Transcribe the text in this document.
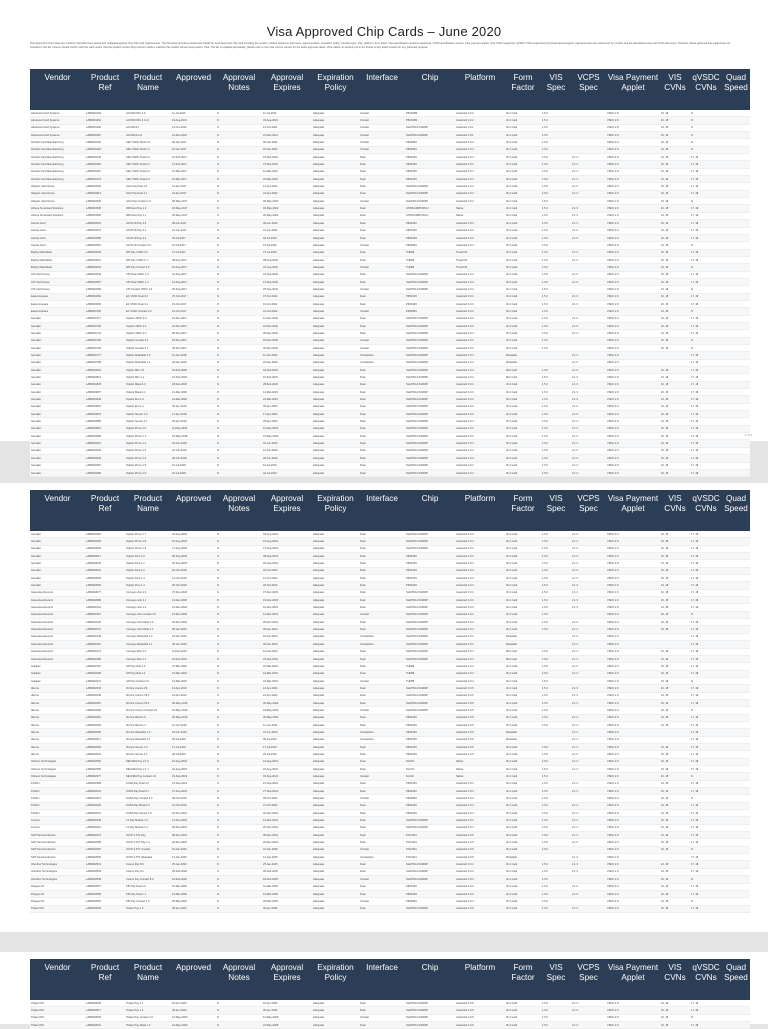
Visa Approved Chip Cards – June 2020
Visa Approved Chip Cards are products that have been tested and evaluated against Visa chip card requirements. The list below provides product-level detail for each approved chip card including the vendor, product reference and name, approval dates, expiration policy, interface type, chip, platform, form factor, Visa specification versions supported, VCPS specification version, Visa payment applet, Visa CVNs supported, qVSDC CVNs supported and Quad speed support. Approval notes are referenced by number and are described at the end of this document. Products whose approval has expired are not included in this list. Issuers should confirm with the card vendor that the product version they intend to deploy matches the product version approved by Visa. This list is updated periodically; please refer to the most current version for the latest approval status. Visa makes no warranty as to the fitness of any listed product for any particular purpose.
Vendor	Product Ref	Product Name	Approved	Approval Notes	Approval Expires	Expiration Policy	Interface	Chip	Platform	Form Factor	VIS Spec	VCPS Spec	Visa Payment Applet	VIS CVNs	qVSDC CVNs	Quad Speed
Advanced Card Systems	LAB0001203	ACOS6 DSC 2.0	11-Jul-2016	N	11-Jul-2021	Adequate	Contact	P5CD080	JavaCard 2.2.2	ID-1 Card	1.5.0		VSDC 2.8	10, 18	N	
Advanced Card Systems	LAB0001261	ACOS6 DSC 2.0 v2	03-Aug-2016	N	03-Aug-2021	Adequate	Contact	P5CD080	JavaCard 2.2.2	ID-1 Card	1.5.0		VSDC 2.8	10, 18	N	
Advanced Card Systems	LAB0001300	ACOS6-64	14-Oct-2016	N	14-Oct-2021	Adequate	Contact	SLE78CLFX4000P	JavaCard 3.0.1	ID-1 Card	1.5.0		VSDC 2.8	10, 18	N	
Advanced Card Systems	LAB0001387	ACOS6-64 v2	21-Dec-2016	N	21-Dec-2021	Adequate	Contact	SLE78CLFX4000P	JavaCard 3.0.1	ID-1 Card	1.5.0		VSDC 2.8	10, 18	N	
Aeroflot Card Manufacturing	LAB0001402	AEO VSDC Multi 2.0	06-Jan-2017	N	06-Jan-2022	Adequate	Contact	P60D081	JavaCard 3.0.4	ID-1 Card	1.5.0		VSDC 2.9	10, 18	N	
Aeroflot Card Manufacturing	LAB0001418	AEO VSDC Multi 2.1	18-Jan-2017	N	18-Jan-2022	Adequate	Contact	P60D081	JavaCard 3.0.4	ID-1 Card	1.5.0		VSDC 2.9	10, 18	N	
Aeroflot Card Manufacturing	LAB0001440	AEO VSDC Dual 2.0	15-Feb-2017	N	15-Feb-2022	Adequate	Dual	P60D145	JavaCard 3.0.4	ID-1 Card	1.5.0	2.1.3	VSDC 2.9	10, 18	17, 18	
Aeroflot Card Manufacturing	LAB0001452	AEO VSDC Dual 2.1	27-Feb-2017	N	27-Feb-2022	Adequate	Dual	P60D145	JavaCard 3.0.4	ID-1 Card	1.5.0	2.1.3	VSDC 2.9	10, 18	17, 18	
Aeroflot Card Manufacturing	LAB0001467	AEO VSDC Dual 2.2	10-Mar-2017	N	10-Mar-2022	Adequate	Dual	P60D145	JavaCard 3.0.4	ID-1 Card	1.5.0	2.1.3	VSDC 2.9	10, 18	17, 18	
Aeroflot Card Manufacturing	LAB0001479	AEO VSDC Dual 2.3	22-Mar-2017	N	22-Mar-2022	Adequate	Dual	P60D145	JavaCard 3.0.4	ID-1 Card	1.5.0	2.1.3	VSDC 2.9	10, 18	17, 18	
Allegion Card Group	LAB0001502	AGC Pay Dual 1.0	12-Apr-2017	N	12-Apr-2022	Adequate	Dual	SLE78CLFX4000P	JavaCard 3.0.4	ID-1 Card	1.5.0	2.1.3	VSDC 2.9	10, 18	17, 18	
Allegion Card Group	LAB0001514	AGC Pay Dual 1.1	24-Apr-2017	N	24-Apr-2022	Adequate	Dual	SLE78CLFX4000P	JavaCard 3.0.4	ID-1 Card	1.5.0	2.1.3	VSDC 2.9	10, 18	17, 18	
Allegion Card Group	LAB0001526	AGC Pay Contact 1.0	06-May-2017	N	06-May-2022	Adequate	Contact	SLE78CLFX4000P	JavaCard 3.0.4	ID-1 Card	1.5.0		VSDC 2.9	10, 18	N	
Athena Smartcard Solutions	LAB0001538	IDProtect Pay 1.0	18-May-2017	N	18-May-2022	Adequate	Dual	AT90SC28872RCU	Native	ID-1 Card	1.5.0	2.1.3	VSDC 2.9	10, 18	17, 18	
Athena Smartcard Solutions	LAB0001550	IDProtect Pay 1.1	30-May-2017	N	30-May-2022	Adequate	Dual	AT90SC28872RCU	Native	ID-1 Card	1.5.0	2.1.3	VSDC 2.9	10, 18	17, 18	
Austria Card	LAB0001561	ACOS ID Pay 3.0	09-Jun-2017	N	09-Jun-2022	Adequate	Dual	P60D145	JavaCard 3.0.4	ID-1 Card	1.5.0	2.1.3	VSDC 2.9	10, 18	17, 18	
Austria Card	LAB0001573	ACOS ID Pay 3.1	21-Jun-2017	N	21-Jun-2022	Adequate	Dual	P60D145	JavaCard 3.0.4	ID-1 Card	1.5.0	2.1.3	VSDC 2.9	10, 18	17, 18	
Austria Card	LAB0001585	ACOS ID Pay 3.2	03-Jul-2017	N	03-Jul-2022	Adequate	Dual	P60D145	JavaCard 3.0.4	ID-1 Card	1.5.0	2.1.3	VSDC 2.9	10, 18	17, 18	
Austria Card	LAB0001597	ACOS ID Contact 3.0	15-Jul-2017	N	15-Jul-2022	Adequate	Contact	P60D081	JavaCard 3.0.4	ID-1 Card	1.5.0		VSDC 2.9	10, 18	N	
Beijing Watchdata	LAB0001609	WD Pay VSDC 2.0	27-Jul-2017	N	27-Jul-2022	Adequate	Dual	THD89	TimeCOS	ID-1 Card	1.5.0	2.1.3	VSDC 2.9	10, 18	17, 18	
Beijing Watchdata	LAB0001621	WD Pay VSDC 2.1	08-Aug-2017	N	08-Aug-2022	Adequate	Dual	THD89	TimeCOS	ID-1 Card	1.5.0	2.1.3	VSDC 2.9	10, 18	17, 18	
Beijing Watchdata	LAB0001633	WD Pay Contact 2.0	20-Aug-2017	N	20-Aug-2022	Adequate	Contact	THD89	TimeCOS	ID-1 Card	1.5.0		VSDC 2.9	10, 18	N	
CPI Card Group	LAB0001645	CPI Dual VSDC 1.0	01-Sep-2017	N	01-Sep-2022	Adequate	Dual	SLE78CLFX4000P	JavaCard 3.0.4	ID-1 Card	1.5.0	2.1.3	VSDC 2.9	10, 18	17, 18	
CPI Card Group	LAB0001657	CPI Dual VSDC 1.1	13-Sep-2017	N	13-Sep-2022	Adequate	Dual	SLE78CLFX4000P	JavaCard 3.0.4	ID-1 Card	1.5.0	2.1.3	VSDC 2.9	10, 18	17, 18	
CPI Card Group	LAB0001669	CPI Contact VSDC 1.0	25-Sep-2017	N	25-Sep-2022	Adequate	Contact	SLE78CLFX4000P	JavaCard 3.0.4	ID-1 Card	1.5.0		VSDC 2.9	10, 18	N	
Eastcompeace	LAB0001681	EC VSDC Dual 3.0	07-Oct-2017	N	07-Oct-2022	Adequate	Dual	P60D145	JavaCard 3.0.4	ID-1 Card	1.5.0	2.1.3	VSDC 2.9	10, 18	17, 18	
Eastcompeace	LAB0001693	EC VSDC Dual 3.1	19-Oct-2017	N	19-Oct-2022	Adequate	Dual	P60D145	JavaCard 3.0.4	ID-1 Card	1.5.0	2.1.3	VSDC 2.9	10, 18	17, 18	
Eastcompeace	LAB0001705	EC VSDC Contact 3.0	31-Oct-2017	N	31-Oct-2022	Adequate	Contact	P60D081	JavaCard 3.0.4	ID-1 Card	1.5.0		VSDC 2.9	10, 18	N	
Gemalto	LAB0001717	Optelio VSDC 2.0	12-Nov-2017	N	12-Nov-2022	Adequate	Dual	SLE78CLFX4000P	JavaCard 3.0.4	ID-1 Card	1.5.0	2.1.3	VSDC 2.9	10, 18	17, 18	
Gemalto	LAB0001729	Optelio VSDC 2.1	24-Nov-2017	N	24-Nov-2022	Adequate	Dual	SLE78CLFX4000P	JavaCard 3.0.4	ID-1 Card	1.5.0	2.1.3	VSDC 2.9	10, 18	17, 18	
Gemalto	LAB0001741	Optelio VSDC 2.2	06-Dec-2017	N	06-Dec-2022	Adequate	Dual	SLE78CLFX4000P	JavaCard 3.0.4	ID-1 Card	1.5.0	2.1.3	VSDC 2.9	10, 18	17, 18	
Gemalto	LAB0001753	Optelio Contact 2.0	18-Dec-2017	N	18-Dec-2022	Adequate	Contact	SLE78CLFX4000P	JavaCard 3.0.4	ID-1 Card	1.5.0		VSDC 2.9	10, 18	N	
Gemalto	LAB0001765	Optelio Contact 2.1	30-Dec-2017	N	30-Dec-2022	Adequate	Contact	SLE78CLFX4000P	JavaCard 3.0.4	ID-1 Card	1.5.0		VSDC 2.9	10, 18	N	
Gemalto	LAB0001777	Optelio Wearable 1.0	11-Jan-2018	N	11-Jan-2023	Adequate	Contactless	SLE78CLFX4000P	JavaCard 3.0.4	Wearable		2.1.3	VSDC 2.9		17, 18	
Gemalto	LAB0001789	Optelio Wearable 1.1	23-Jan-2018	N	23-Jan-2023	Adequate	Contactless	SLE78CLFX4000P	JavaCard 3.0.4	Wearable		2.1.3	VSDC 2.9		17, 18	
Gemalto	LAB0001801	Optelio Mini 1.0	04-Feb-2018	N	04-Feb-2023	Adequate	Dual	SLE78CLFX4000P	JavaCard 3.0.4	Mini Card	1.5.0	2.1.3	VSDC 2.9	10, 18	17, 18	
Gemalto	LAB0001813	Optelio Mini 1.1	16-Feb-2018	N	16-Feb-2023	Adequate	Dual	SLE78CLFX4000P	JavaCard 3.0.4	Mini Card	1.5.0	2.1.3	VSDC 2.9	10, 18	17, 18	
Gemalto	LAB0001825	Optelio Metal 1.0	28-Feb-2018	N	28-Feb-2023	Adequate	Dual	SLE78CLFX4000P	JavaCard 3.0.4	ID-1 Card	1.5.0	2.1.3	VSDC 2.9	10, 18	17, 18	
Gemalto	LAB0001837	Optelio Metal 1.1	12-Mar-2018	N	12-Mar-2023	Adequate	Dual	SLE78CLFX4000P	JavaCard 3.0.4	ID-1 Card	1.5.0	2.1.3	VSDC 2.9	10, 18	17, 18	
Gemalto	LAB0001849	Optelio Eco 1.0	24-Mar-2018	N	24-Mar-2023	Adequate	Dual	SLE78CLFX4000P	JavaCard 3.0.4	ID-1 Card	1.5.0	2.1.3	VSDC 2.9	10, 18	17, 18	
Gemalto	LAB0001861	Optelio Eco 1.1	05-Apr-2018	N	05-Apr-2023	Adequate	Dual	SLE78CLFX4000P	JavaCard 3.0.4	ID-1 Card	1.5.0	2.1.3	VSDC 2.9	10, 18	17, 18	
Gemalto	LAB0001873	Optelio Sensor 1.0	17-Apr-2018	N	17-Apr-2023	Adequate	Dual	SLE78CLFX4000P	JavaCard 3.0.4	ID-1 Card	1.5.0	2.1.3	VSDC 2.9	10, 18	17, 18	
Gemalto	LAB0001885	Optelio Sensor 1.1	29-Apr-2018	N	29-Apr-2023	Adequate	Dual	SLE78CLFX4000P	JavaCard 3.0.4	ID-1 Card	1.5.0	2.1.3	VSDC 2.9	10, 18	17, 18	
Gemalto	LAB0001897	Optelio Prime 1.0	11-May-2018	N	11-May-2023	Adequate	Dual	SLE78CLFX4000P	JavaCard 3.0.4	ID-1 Card	1.5.0	2.1.3	VSDC 2.9	10, 18	17, 18	
Gemalto	LAB0001909	Optelio Prime 1.1	23-May-2018	N	23-May-2023	Adequate	Dual	SLE78CLFX4000P	JavaCard 3.0.4	ID-1 Card	1.5.0	2.1.3	VSDC 2.9	10, 18	17, 18	
Gemalto	LAB0001921	Optelio Prime 1.2	04-Jun-2018	N	04-Jun-2023	Adequate	Dual	SLE78CLFX4000P	JavaCard 3.0.4	ID-1 Card	1.5.0	2.1.3	VSDC 2.9	10, 18	17, 18	
Gemalto	LAB0001933	Optelio Prime 1.3	16-Jun-2018	N	16-Jun-2023	Adequate	Dual	SLE78CLFX4000P	JavaCard 3.0.4	ID-1 Card	1.5.0	2.1.3	VSDC 2.9	10, 18	17, 18	
Gemalto	LAB0001945	Optelio Prime 1.4	28-Jun-2018	N	28-Jun-2023	Adequate	Dual	SLE78CLFX4000P	JavaCard 3.0.4	ID-1 Card	1.5.0	2.1.3	VSDC 2.9	10, 18	17, 18	
Gemalto	LAB0001957	Optelio Prime 1.5	10-Jul-2018	N	10-Jul-2023	Adequate	Dual	SLE78CLFX4000P	JavaCard 3.0.4	ID-1 Card	1.5.0	2.1.3	VSDC 2.9	10, 18	17, 18	
Gemalto	LAB0001969	Optelio Prime 1.6	22-Jul-2018	N	22-Jul-2023	Adequate	Dual	SLE78CLFX4000P	JavaCard 3.0.4	ID-1 Card	1.5.0	2.1.3	VSDC 2.9	10, 18	17, 18	
1 of 2
Vendor	Product Ref	Product Name	Approved	Approval Notes	Approval Expires	Expiration Policy	Interface	Chip	Platform	Form Factor	VIS Spec	VCPS Spec	Visa Payment Applet	VIS CVNs	qVSDC CVNs	Quad Speed
Gemalto	LAB0001981	Optelio Prime 1.7	03-Aug-2018	N	03-Aug-2023	Adequate	Dual	SLE78CLFX4000P	JavaCard 3.0.4	ID-1 Card	1.5.0	2.1.3	VSDC 2.9	10, 18	17, 18	
Gemalto	LAB0001993	Optelio Prime 1.8	15-Aug-2018	N	15-Aug-2023	Adequate	Dual	SLE78CLFX4000P	JavaCard 3.0.4	ID-1 Card	1.5.0	2.1.3	VSDC 2.9	10, 18	17, 18	
Gemalto	LAB0002005	Optelio Prime 1.9	27-Aug-2018	N	27-Aug-2023	Adequate	Dual	SLE78CLFX4000P	JavaCard 3.0.4	ID-1 Card	1.5.0	2.1.3	VSDC 2.9	10, 18	17, 18	
Gemalto	LAB0002017	Optelio Pure 1.0	08-Sep-2018	N	08-Sep-2023	Adequate	Dual	P60D145	JavaCard 3.0.4	ID-1 Card	1.5.0	2.1.3	VSDC 2.9	10, 18	17, 18	
Gemalto	LAB0002029	Optelio Pure 1.1	20-Sep-2018	N	20-Sep-2023	Adequate	Dual	P60D145	JavaCard 3.0.4	ID-1 Card	1.5.0	2.1.3	VSDC 2.9	10, 18	17, 18	
Gemalto	LAB0002041	Optelio Pure 1.2	02-Oct-2018	N	02-Oct-2023	Adequate	Dual	P60D145	JavaCard 3.0.4	ID-1 Card	1.5.0	2.1.3	VSDC 2.9	10, 18	17, 18	
Gemalto	LAB0002053	Optelio Pure 1.3	14-Oct-2018	N	14-Oct-2023	Adequate	Dual	P60D145	JavaCard 3.0.4	ID-1 Card	1.5.0	2.1.3	VSDC 2.9	10, 18	17, 18	
Gemalto	LAB0002065	Optelio Pure 1.4	26-Oct-2018	N	26-Oct-2023	Adequate	Dual	P60D145	JavaCard 3.0.4	ID-1 Card	1.5.0	2.1.3	VSDC 2.9	10, 18	17, 18	
Giesecke+Devrient	LAB0002077	Convego Join 4.0	07-Nov-2018	N	07-Nov-2023	Adequate	Dual	SLE78CLFX4000P	JavaCard 3.0.4	ID-1 Card	1.5.0	2.1.3	VSDC 2.9	10, 18	17, 18	
Giesecke+Devrient	LAB0002089	Convego Join 4.1	19-Nov-2018	N	19-Nov-2023	Adequate	Dual	SLE78CLFX4000P	JavaCard 3.0.4	ID-1 Card	1.5.0	2.1.3	VSDC 2.9	10, 18	17, 18	
Giesecke+Devrient	LAB0002101	Convego Join 4.2	01-Dec-2018	N	01-Dec-2023	Adequate	Dual	SLE78CLFX4000P	JavaCard 3.0.4	ID-1 Card	1.5.0	2.1.3	VSDC 2.9	10, 18	17, 18	
Giesecke+Devrient	LAB0002113	Convego Join Contact 4.0	13-Dec-2018	N	13-Dec-2023	Adequate	Contact	SLE78CLFX4000P	JavaCard 3.0.4	ID-1 Card	1.5.0		VSDC 2.9	10, 18	N	
Giesecke+Devrient	LAB0002125	Convego Join Metal 1.0	25-Dec-2018	N	25-Dec-2023	Adequate	Dual	SLE78CLFX4000P	JavaCard 3.0.4	ID-1 Card	1.5.0	2.1.3	VSDC 2.9	10, 18	17, 18	
Giesecke+Devrient	LAB0002137	Convego Join Metal 1.1	06-Jan-2019	N	06-Jan-2024	Adequate	Dual	SLE78CLFX4000P	JavaCard 3.0.4	ID-1 Card	1.5.0	2.1.3	VSDC 2.9	10, 18	17, 18	
Giesecke+Devrient	LAB0002149	Convego Wearable 1.0	18-Jan-2019	N	18-Jan-2024	Adequate	Contactless	SLE78CLFX4000P	JavaCard 3.0.4	Wearable		2.1.3	VSDC 2.9		17, 18	
Giesecke+Devrient	LAB0002161	Convego Wearable 1.1	30-Jan-2019	N	30-Jan-2024	Adequate	Contactless	SLE78CLFX4000P	JavaCard 3.0.4	Wearable		2.1.3	VSDC 2.9		17, 18	
Giesecke+Devrient	LAB0002173	Convego Mini 1.0	11-Feb-2019	N	11-Feb-2024	Adequate	Dual	SLE78CLFX4000P	JavaCard 3.0.4	Mini Card	1.5.0	2.1.3	VSDC 2.9	10, 18	17, 18	
Giesecke+Devrient	LAB0002185	Convego Mini 1.1	23-Feb-2019	N	23-Feb-2024	Adequate	Dual	SLE78CLFX4000P	JavaCard 3.0.4	Mini Card	1.5.0	2.1.3	VSDC 2.9	10, 18	17, 18	
Goldpac	LAB0002197	GP Pay Dual 2.0	07-Mar-2019	N	07-Mar-2024	Adequate	Dual	THD89	JavaCard 3.0.4	ID-1 Card	1.5.0	2.1.3	VSDC 2.9	10, 18	17, 18	
Goldpac	LAB0002209	GP Pay Dual 2.1	19-Mar-2019	N	19-Mar-2024	Adequate	Dual	THD89	JavaCard 3.0.4	ID-1 Card	1.5.0	2.1.3	VSDC 2.9	10, 18	17, 18	
Goldpac	LAB0002221	GP Pay Contact 2.0	31-Mar-2019	N	31-Mar-2024	Adequate	Contact	THD89	JavaCard 3.0.4	ID-1 Card	1.5.0		VSDC 2.9	10, 18	N	
Idemia	LAB0002233	ID-One Cosmo V9	12-Apr-2019	N	12-Apr-2024	Adequate	Dual	SLE78CLFX4000P	JavaCard 3.0.5	ID-1 Card	1.5.0	2.1.3	VSDC 2.9	10, 18	17, 18	
Idemia	LAB0002245	ID-One Cosmo V9.1	24-Apr-2019	N	24-Apr-2024	Adequate	Dual	SLE78CLFX4000P	JavaCard 3.0.5	ID-1 Card	1.5.0	2.1.3	VSDC 2.9	10, 18	17, 18	
Idemia	LAB0002257	ID-One Cosmo V9.2	06-May-2019	N	06-May-2024	Adequate	Dual	SLE78CLFX4000P	JavaCard 3.0.5	ID-1 Card	1.5.0	2.1.3	VSDC 2.9	10, 18	17, 18	
Idemia	LAB0002269	ID-One Cosmo Contact V9	18-May-2019	N	18-May-2024	Adequate	Contact	SLE78CLFX4000P	JavaCard 3.0.5	ID-1 Card	1.5.0		VSDC 2.9	10, 18	N	
Idemia	LAB0002281	ID-One Metal 1.0	30-May-2019	N	30-May-2024	Adequate	Dual	P60D145	JavaCard 3.0.5	ID-1 Card	1.5.0	2.1.3	VSDC 2.9	10, 18	17, 18	
Idemia	LAB0002293	ID-One Metal 1.1	11-Jun-2019	N	11-Jun-2024	Adequate	Dual	P60D145	JavaCard 3.0.5	ID-1 Card	1.5.0	2.1.3	VSDC 2.9	10, 18	17, 18	
Idemia	LAB0002305	ID-One Wearable 1.0	23-Jun-2019	N	23-Jun-2024	Adequate	Contactless	P60D145	JavaCard 3.0.5	Wearable		2.1.3	VSDC 2.9		17, 18	
Idemia	LAB0002317	ID-One Wearable 1.1	05-Jul-2019	N	05-Jul-2024	Adequate	Contactless	P60D145	JavaCard 3.0.5	Wearable		2.1.3	VSDC 2.9		17, 18	
Idemia	LAB0002329	ID-One Sensor 1.0	17-Jul-2019	N	17-Jul-2024	Adequate	Dual	P60D145	JavaCard 3.0.5	ID-1 Card	1.5.0	2.1.3	VSDC 2.9	10, 18	17, 18	
Idemia	LAB0002341	ID-One Sensor 1.1	29-Jul-2019	N	29-Jul-2024	Adequate	Dual	P60D145	JavaCard 3.0.5	ID-1 Card	1.5.0	2.1.3	VSDC 2.9	10, 18	17, 18	
Infineon Technologies	LAB0002353	SECORA Pay V 1.0	10-Aug-2019	N	10-Aug-2024	Adequate	Dual	SLC32	Native	ID-1 Card	1.5.0	2.1.3	VSDC 2.9	10, 18	17, 18	
Infineon Technologies	LAB0002365	SECORA Pay V 1.1	22-Aug-2019	N	22-Aug-2024	Adequate	Dual	SLC32	Native	ID-1 Card	1.5.0	2.1.3	VSDC 2.9	10, 18	17, 18	
Infineon Technologies	LAB0002377	SECORA Pay Contact 1.0	03-Sep-2019	N	03-Sep-2024	Adequate	Contact	SLC32	Native	ID-1 Card	1.5.0		VSDC 2.9	10, 18	N	
KONA I	LAB0002389	KONA Pay Dual 3.0	15-Sep-2019	N	15-Sep-2024	Adequate	Dual	P60D145	JavaCard 3.0.4	ID-1 Card	1.5.0	2.1.3	VSDC 2.9	10, 18	17, 18	
KONA I	LAB0002401	KONA Pay Dual 3.1	27-Sep-2019	N	27-Sep-2024	Adequate	Dual	P60D145	JavaCard 3.0.4	ID-1 Card	1.5.0	2.1.3	VSDC 2.9	10, 18	17, 18	
KONA I	LAB0002413	KONA Pay Contact 3.0	09-Oct-2019	N	09-Oct-2024	Adequate	Contact	P60D081	JavaCard 3.0.4	ID-1 Card	1.5.0		VSDC 2.9	10, 18	N	
KONA I	LAB0002425	KONA Pay Metal 1.0	21-Oct-2019	N	21-Oct-2024	Adequate	Dual	P60D145	JavaCard 3.0.4	ID-1 Card	1.5.0	2.1.3	VSDC 2.9	10, 18	17, 18	
KONA I	LAB0002437	KONA Pay Sensor 1.0	02-Nov-2019	N	02-Nov-2024	Adequate	Dual	P60D145	JavaCard 3.0.4	ID-1 Card	1.5.0	2.1.3	VSDC 2.9	10, 18	17, 18	
Linxens	LAB0002449	LX Pay Module 1.0	14-Nov-2019	N	14-Nov-2024	Adequate	Dual	SLE78CLFX4000P	JavaCard 3.0.4	ID-1 Card	1.5.0	2.1.3	VSDC 2.9	10, 18	17, 18	
Linxens	LAB0002461	LX Pay Module 1.1	26-Nov-2019	N	26-Nov-2024	Adequate	Dual	SLE78CLFX4000P	JavaCard 3.0.4	ID-1 Card	1.5.0	2.1.3	VSDC 2.9	10, 18	17, 18	
NXP Semiconductors	LAB0002473	JCOP 4 P71 Pay	08-Dec-2019	N	08-Dec-2024	Adequate	Dual	P71D321	JavaCard 3.0.5	ID-1 Card	1.5.0	2.1.3	VSDC 2.9	10, 18	17, 18	
NXP Semiconductors	LAB0002485	JCOP 4 P71 Pay 1.1	20-Dec-2019	N	20-Dec-2024	Adequate	Dual	P71D321	JavaCard 3.0.5	ID-1 Card	1.5.0	2.1.3	VSDC 2.9	10, 18	17, 18	
NXP Semiconductors	LAB0002497	JCOP 4 P71 Contact	01-Jan-2020	N	01-Jan-2025	Adequate	Contact	P71D321	JavaCard 3.0.5	ID-1 Card	1.5.0		VSDC 2.9	10, 18	N	
NXP Semiconductors	LAB0002509	JCOP 4 P71 Wearable	13-Jan-2020	N	13-Jan-2025	Adequate	Contactless	P71D321	JavaCard 3.0.5	Wearable		2.1.3	VSDC 2.9		17, 18	
Oberthur Technologies	LAB0002521	Cosmo Pay 8.0	25-Jan-2020	N	25-Jan-2025	Adequate	Dual	SLE78CLFX4000P	JavaCard 3.0.4	ID-1 Card	1.5.0	2.1.3	VSDC 2.9	10, 18	17, 18	
Oberthur Technologies	LAB0002533	Cosmo Pay 8.1	06-Feb-2020	N	06-Feb-2025	Adequate	Dual	SLE78CLFX4000P	JavaCard 3.0.4	ID-1 Card	1.5.0	2.1.3	VSDC 2.9	10, 18	17, 18	
Oberthur Technologies	LAB0002545	Cosmo Pay Contact 8.0	18-Feb-2020	N	18-Feb-2025	Adequate	Contact	SLE78CLFX4000P	JavaCard 3.0.4	ID-1 Card	1.5.0		VSDC 2.9	10, 18	N	
Paragon ID	LAB0002557	PID Pay Dual 1.0	01-Mar-2020	N	01-Mar-2025	Adequate	Dual	P60D145	JavaCard 3.0.4	ID-1 Card	1.5.0	2.1.3	VSDC 2.9	10, 18	17, 18	
Paragon ID	LAB0002569	PID Pay Dual 1.1	13-Mar-2020	N	13-Mar-2025	Adequate	Dual	P60D145	JavaCard 3.0.4	ID-1 Card	1.5.0	2.1.3	VSDC 2.9	10, 18	17, 18	
Paragon ID	LAB0002581	PID Pay Contact 1.0	25-Mar-2020	N	25-Mar-2025	Adequate	Contact	P60D081	JavaCard 3.0.4	ID-1 Card	1.5.0		VSDC 2.9	10, 18	N	
Thales DIS	LAB0002593	Thales Pay 1.0	06-Apr-2020	N	06-Apr-2025	Adequate	Dual	SLE78CLFX4000P	JavaCard 3.0.5	ID-1 Card	1.5.0	2.1.3	VSDC 2.9	10, 18	17, 18	
Vendor	Product Ref	Product Name	Approved	Approval Notes	Approval Expires	Expiration Policy	Interface	Chip	Platform	Form Factor	VIS Spec	VCPS Spec	Visa Payment Applet	VIS CVNs	qVSDC CVNs	Quad Speed
Thales DIS	LAB0002605	Thales Pay 1.1	18-Apr-2020	N	18-Apr-2025	Adequate	Dual	SLE78CLFX4000P	JavaCard 3.0.5	ID-1 Card	1.5.0	2.1.3	VSDC 2.9	10, 18	17, 18	
Thales DIS	LAB0002617	Thales Pay 1.2	30-Apr-2020	N	30-Apr-2025	Adequate	Dual	SLE78CLFX4000P	JavaCard 3.0.5	ID-1 Card	1.5.0	2.1.3	VSDC 2.9	10, 18	17, 18	
Thales DIS	LAB0002629	Thales Pay Contact 1.0	12-May-2020	N	12-May-2025	Adequate	Contact	SLE78CLFX4000P	JavaCard 3.0.5	ID-1 Card	1.5.0		VSDC 2.9	10, 18	N	
Thales DIS	LAB0002641	Thales Pay Metal 1.0	24-May-2020	N	24-May-2025	Adequate	Dual	SLE78CLFX4000P	JavaCard 3.0.5	ID-1 Card	1.5.0	2.1.3	VSDC 2.9	10, 18	17, 18	
